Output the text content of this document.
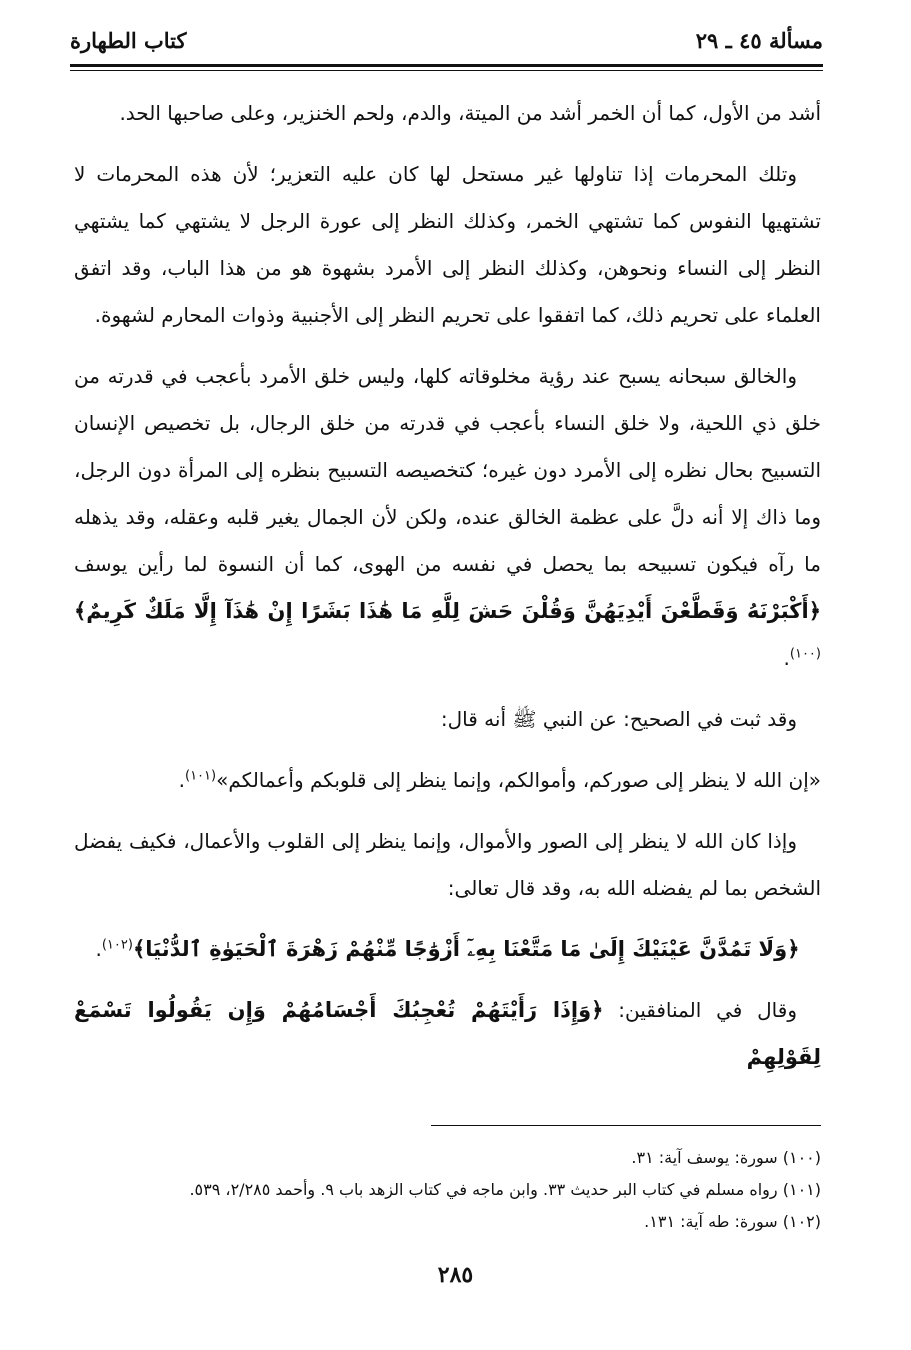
مسألة ٤٥ ـ ٢٩
كتاب الطهارة

أشد من الأول، كما أن الخمر أشد من الميتة، والدم، ولحم الخنزير، وعلى صاحبها الحد.

وتلك المحرمات إذا تناولها غير مستحل لها كان عليه التعزير؛ لأن هذه المحرمات لا تشتهيها النفوس كما تشتهي الخمر، وكذلك النظر إلى عورة الرجل لا يشتهي كما يشتهي النظر إلى النساء ونحوهن، وكذلك النظر إلى الأمرد بشهوة هو من هذا الباب، وقد اتفق العلماء على تحريم ذلك، كما اتفقوا على تحريم النظر إلى الأجنبية وذوات المحارم لشهوة.

والخالق سبحانه يسبح عند رؤية مخلوقاته كلها، وليس خلق الأمرد بأعجب في قدرته من خلق ذي اللحية، ولا خلق النساء بأعجب في قدرته من خلق الرجال، بل تخصيص الإنسان التسبيح بحال نظره إلى الأمرد دون غيره؛ كتخصيصه التسبيح بنظره إلى المرأة دون الرجل، وما ذاك إلا أنه دلَّ على عظمة الخالق عنده، ولكن لأن الجمال يغير قلبه وعقله، وقد يذهله ما رآه فيكون تسبيحه بما يحصل في نفسه من الهوى، كما أن النسوة لما رأين يوسف ﴿أَكْبَرْنَهُ وَقَطَّعْنَ أَيْدِيَهُنَّ وَقُلْنَ حَشَ لِلَّهِ مَا هَٰذَا بَشَرًا إِنْ هَٰذَآ إِلَّا مَلَكٌ كَرِيمٌ﴾$^{(١٠٠)}$.

وقد ثبت في الصحيح: عن النبي ﷺ أنه قال:

«إن الله لا ينظر إلى صوركم، وأموالكم، وإنما ينظر إلى قلوبكم وأعمالكم»$^{(١٠١)}$.

وإذا كان الله لا ينظر إلى الصور والأموال، وإنما ينظر إلى القلوب والأعمال، فكيف يفضل الشخص بما لم يفضله الله به، وقد قال تعالى:

﴿وَلَا تَمُدَّنَّ عَيْنَيْكَ إِلَىٰ مَا مَتَّعْنَا بِهِۦٓ أَزْوَٰجًا مِّنْهُمْ زَهْرَةَ ٱلْحَيَوٰةِ ٱلدُّنْيَا﴾$^{(١٠٢)}$.

وقال في المنافقين: ﴿وَإِذَا رَأَيْتَهُمْ تُعْجِبُكَ أَجْسَامُهُمْ وَإِن يَقُولُوا تَسْمَعْ لِقَوْلِهِمْ

(١٠٠) سورة: يوسف آية: ٣١.
(١٠١) رواه مسلم في كتاب البر حديث ٣٣. وابن ماجه في كتاب الزهد باب ٩. وأحمد ٢/٢٨٥، ٥٣٩.
(١٠٢) سورة: طه آية: ١٣١.
٢٨٥
